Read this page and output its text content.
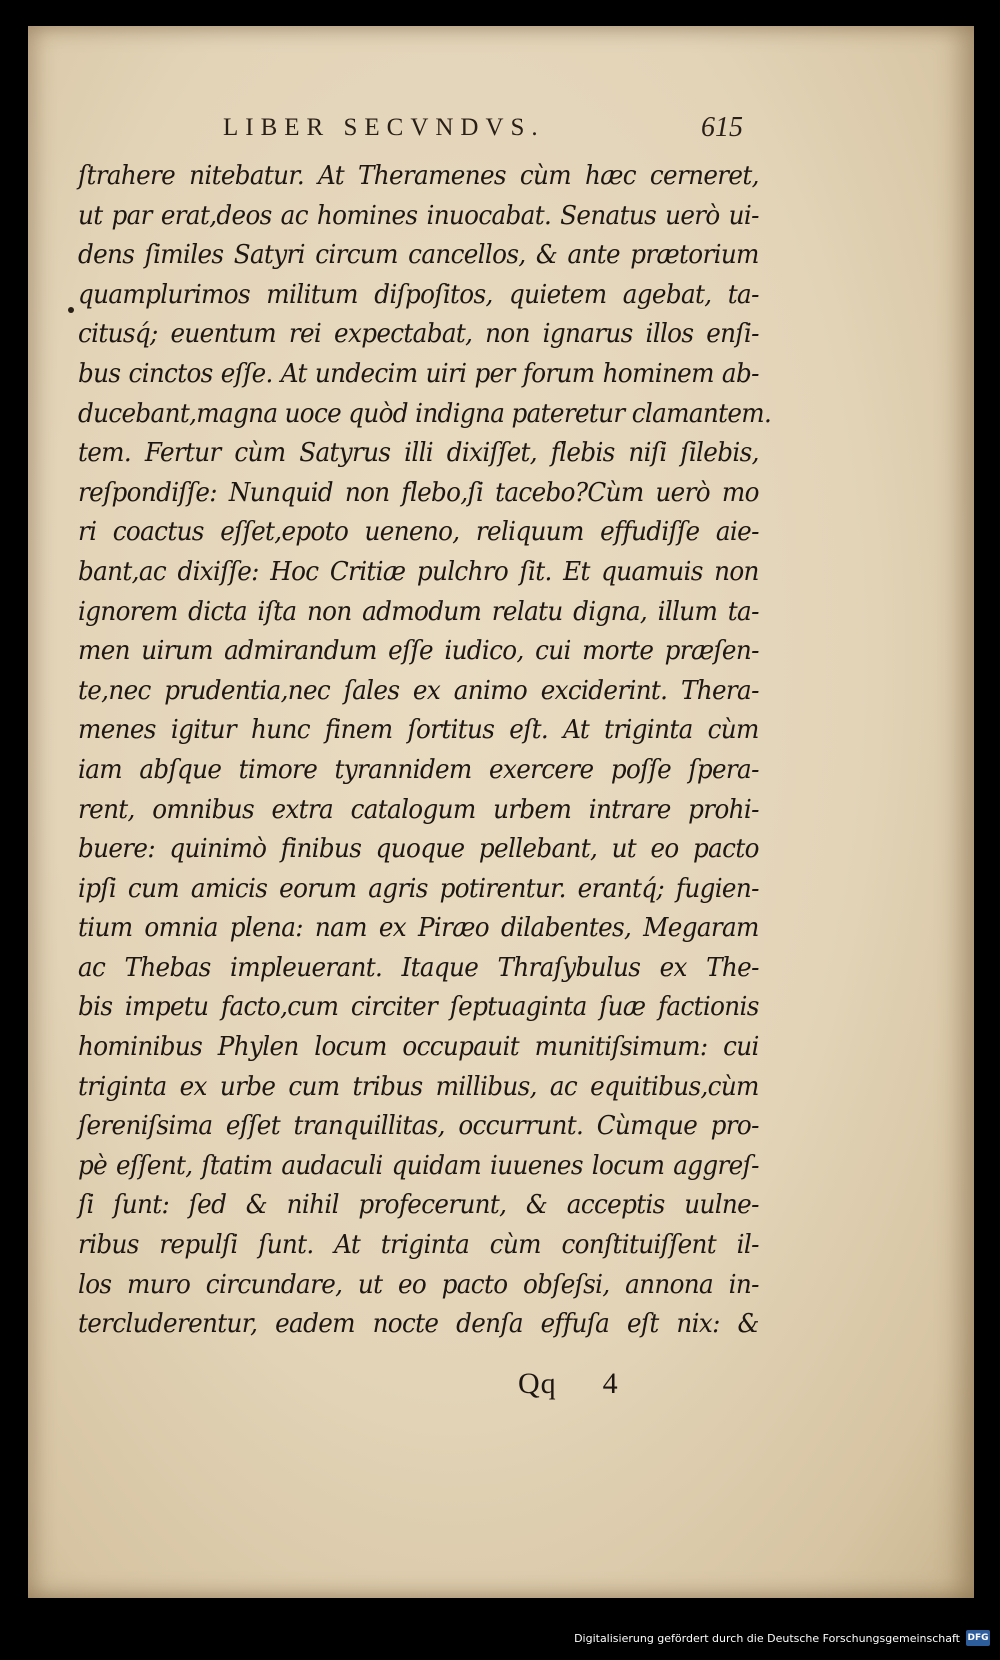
LIBER SECVNDVS.	615
ſtrahere nitebatur. At Theramenes cùm hæc cerneret,
ut par erat,deos ac homines inuocabat. Senatus uerò ui-
dens ſimiles Satyri circum cancellos, & ante prætorium
quamplurimos militum diſpoſitos, quietem agebat, ta-
citusq́; euentum rei expectabat, non ignarus illos enſi-
bus cinctos eſſe. At undecim uiri per forum hominem ab-
ducebant,magna uoce quòd indigna pateretur clamantem.
tem. Fertur cùm Satyrus illi dixiſſet, flebis niſi ſilebis,
reſpondiſſe: Nunquid non flebo,ſi tacebo?Cùm uerò mo
ri coactus eſſet,epoto ueneno, reliquum effudiſſe aie-
bant,ac dixiſſe: Hoc Critiæ pulchro ſit. Et quamuis non
ignorem dicta iſta non admodum relatu digna, illum ta-
men uirum admirandum eſſe iudico, cui morte præſen-
te,nec prudentia,nec ſales ex animo exciderint. Thera-
menes igitur hunc finem ſortitus eſt. At triginta cùm
iam abſque timore tyrannidem exercere poſſe ſpera-
rent, omnibus extra catalogum urbem intrare prohi-
buere: quinimò finibus quoque pellebant, ut eo pacto
ipſi cum amicis eorum agris potirentur. erantq́; fugien-
tium omnia plena: nam ex Piræo dilabentes, Megaram
ac Thebas impleuerant. Itaque Thraſybulus ex The-
bis impetu facto,cum circiter ſeptuaginta ſuæ factionis
hominibus Phylen locum occupauit munitiſsimum: cui
triginta ex urbe cum tribus millibus, ac equitibus,cùm
ſereniſsima eſſet tranquillitas, occurrunt. Cùmque pro-
pè eſſent, ſtatim audaculi quidam iuuenes locum aggreſ-
ſi ſunt: ſed & nihil profecerunt, & acceptis uulne-
ribus repulſi ſunt. At triginta cùm conſtituiſſent il-
los muro circundare, ut eo pacto obſeſsi, annona in-
tercluderentur, eadem nocte denſa effuſa eſt nix: &
Qq 4
Digitalisierung gefördert durch die Deutsche Forschungsgemeinschaft DFG
